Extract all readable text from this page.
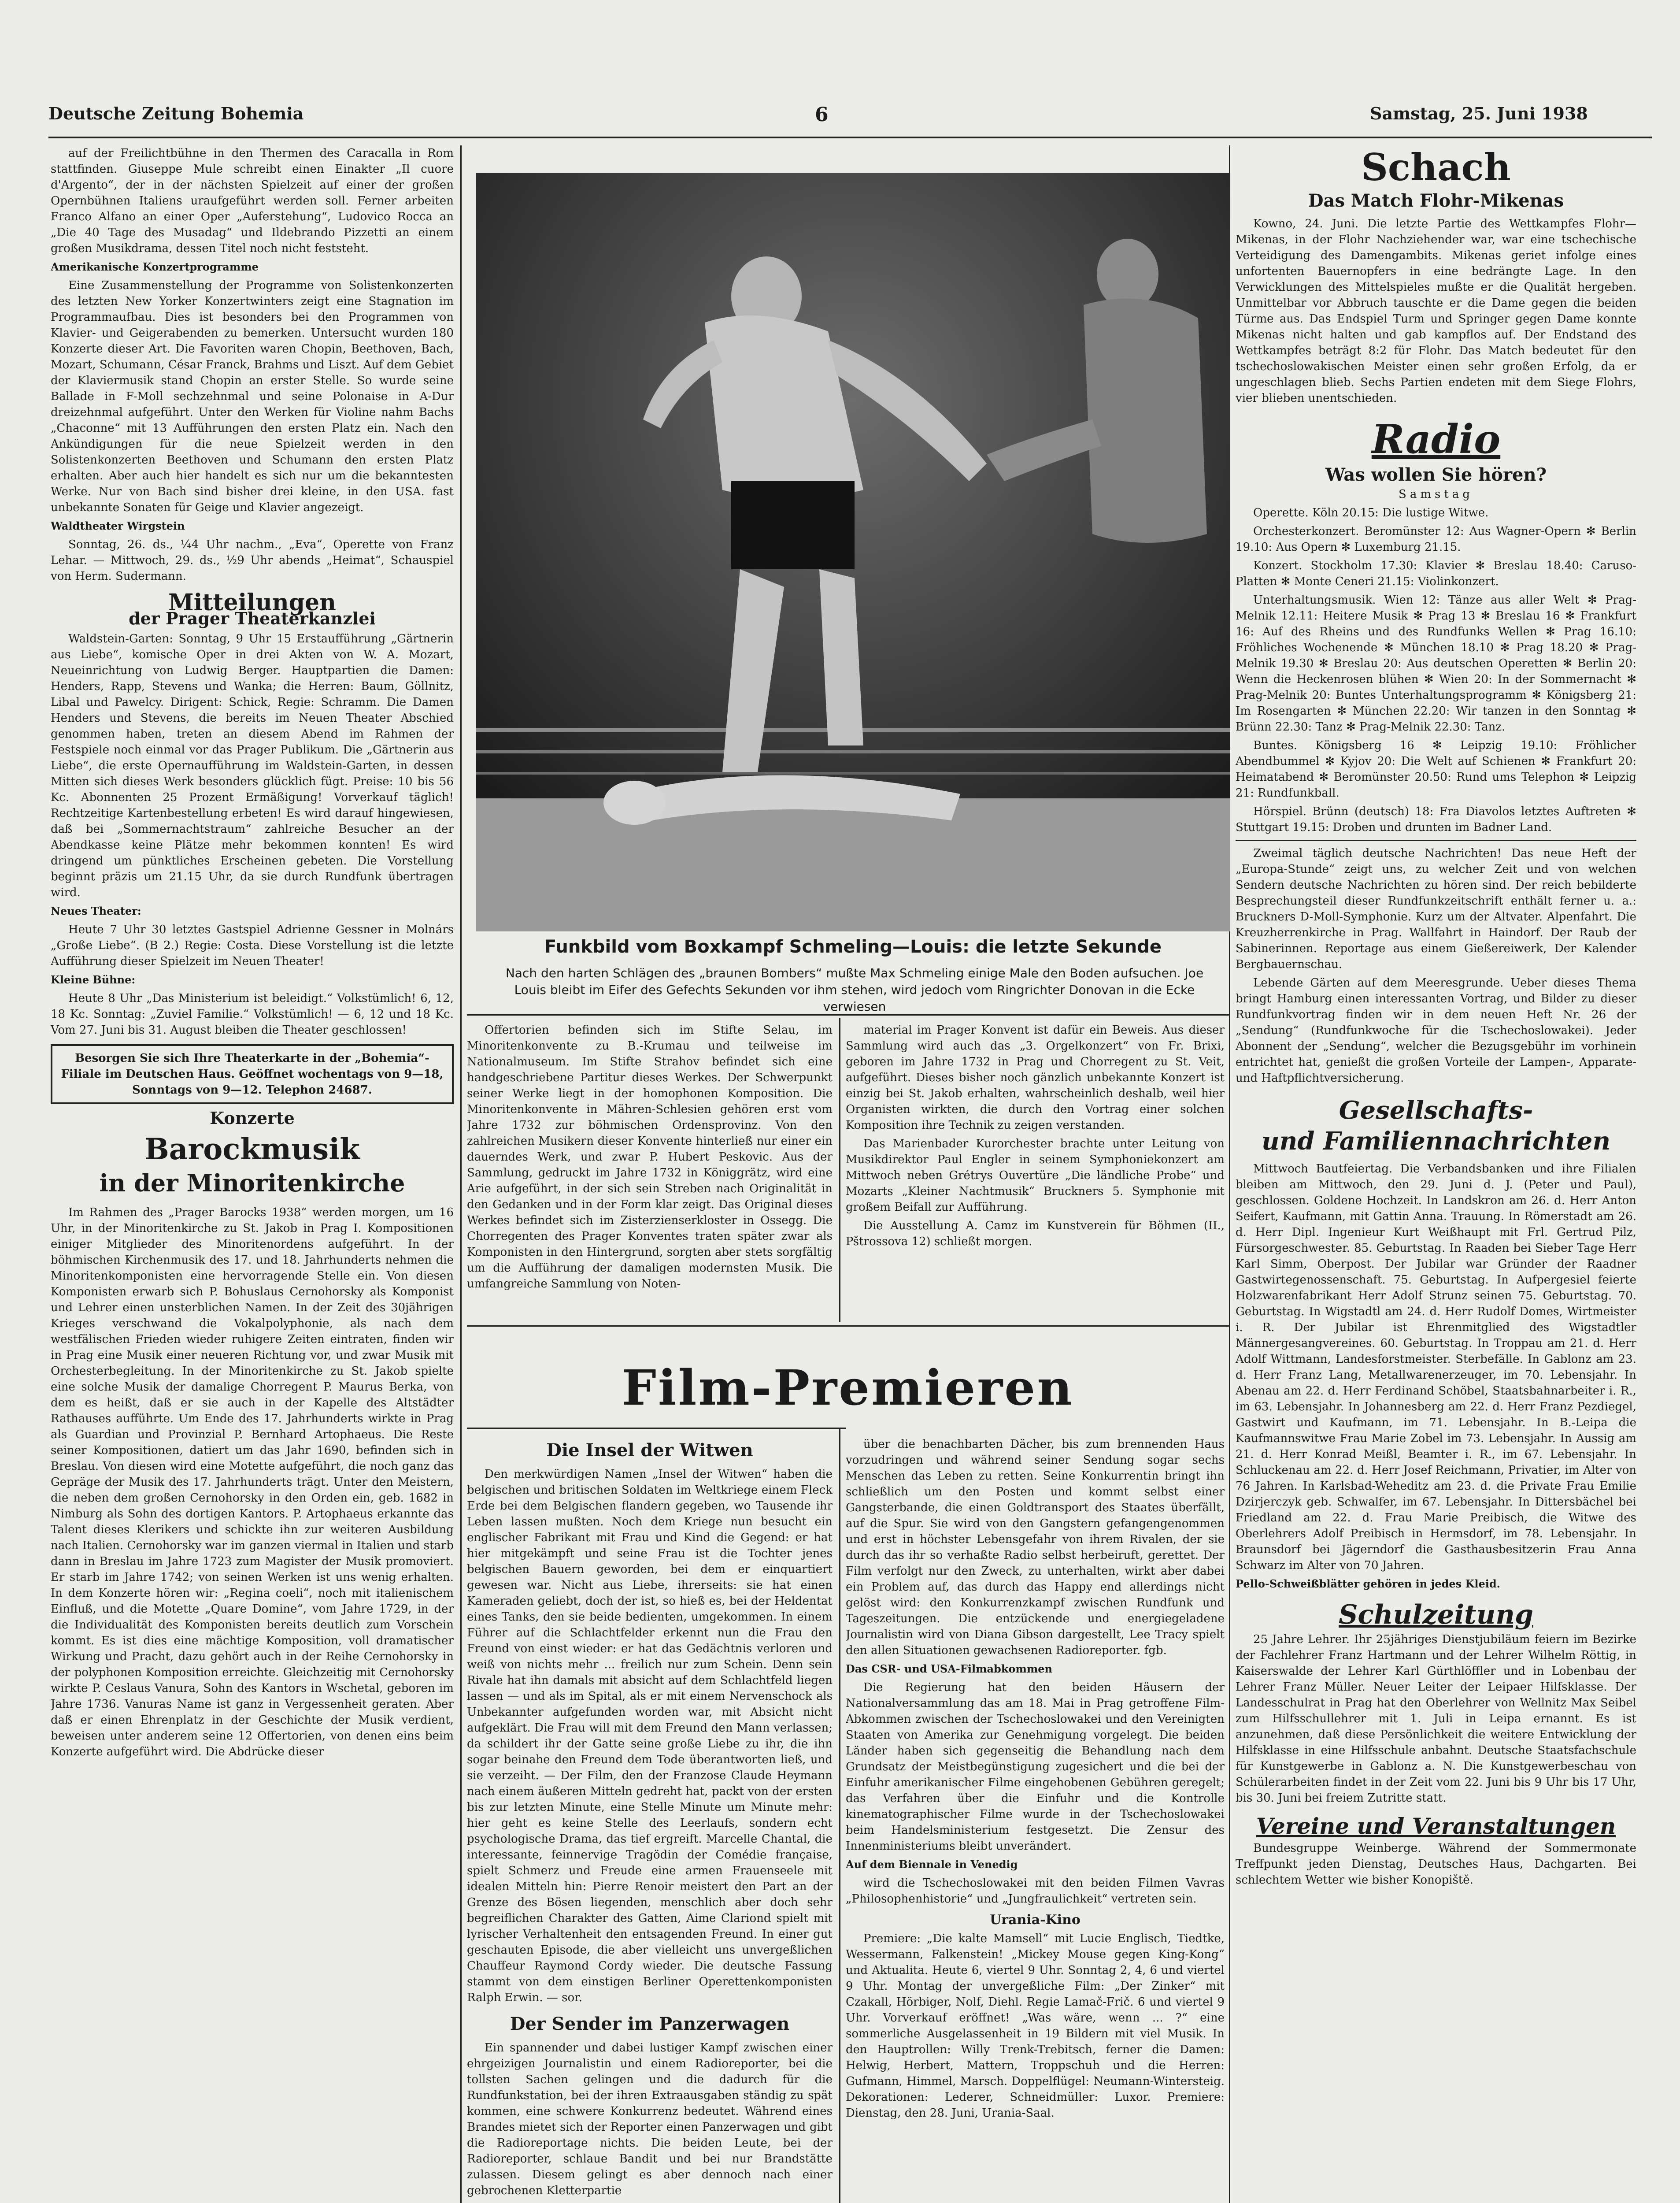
Deutsche Zeitung Bohemia	6	Samstag, 25. Juni 1938

auf der Freilichtbühne in den Thermen des Caracalla in Rom stattfinden. Giuseppe Mule schreibt einen Einakter „Il cuore d'Argento“, der in der nächsten Spielzeit auf einer der großen Opernbühnen Italiens uraufgeführt werden soll. Ferner arbeiten Franco Alfano an einer Oper „Auferstehung“, Ludovico Rocca an „Die 40 Tage des Musadag“ und Ildebrando Pizzetti an einem großen Musikdrama, dessen Titel noch nicht feststeht.

Amerikanische Konzertprogramme

Eine Zusammenstellung der Programme von Solistenkonzerten des letzten New Yorker Konzertwinters zeigt eine Stagnation im Programmaufbau. Dies ist besonders bei den Programmen von Klavier- und Geigerabenden zu bemerken. Untersucht wurden 180 Konzerte dieser Art. Die Favoriten waren Chopin, Beethoven, Bach, Mozart, Schumann, César Franck, Brahms und Liszt. Auf dem Gebiet der Klaviermusik stand Chopin an erster Stelle. So wurde seine Ballade in F-Moll sechzehnmal und seine Polonaise in A-Dur dreizehnmal aufgeführt. Unter den Werken für Violine nahm Bachs „Chaconne“ mit 13 Aufführungen den ersten Platz ein. Nach den Ankündigungen für die neue Spielzeit werden in den Solistenkonzerten Beethoven und Schumann den ersten Platz erhalten. Aber auch hier handelt es sich nur um die bekanntesten Werke. Nur von Bach sind bisher drei kleine, in den USA. fast unbekannte Sonaten für Geige und Klavier angezeigt.

Waldtheater Wirgstein

Sonntag, 26. ds., ¼4 Uhr nachm., „Eva“, Operette von Franz Lehar. — Mittwoch, 29. ds., ½9 Uhr abends „Heimat“, Schauspiel von Herm. Sudermann.

Mitteilungen
der Prager Theaterkanzlei

Waldstein-Garten: Sonntag, 9 Uhr 15 Erstaufführung „Gärtnerin aus Liebe“, komische Oper in drei Akten von W. A. Mozart, Neueinrichtung von Ludwig Berger. Hauptpartien die Damen: Henders, Rapp, Stevens und Wanka; die Herren: Baum, Göllnitz, Libal und Pawelcy. Dirigent: Schick, Regie: Schramm. Die Damen Henders und Stevens, die bereits im Neuen Theater Abschied genommen haben, treten an diesem Abend im Rahmen der Festspiele noch einmal vor das Prager Publikum. Die „Gärtnerin aus Liebe“, die erste Opernaufführung im Waldstein-Garten, in dessen Mitten sich dieses Werk besonders glücklich fügt. Preise: 10 bis 56 Kc. Abonnenten 25 Prozent Ermäßigung! Vorverkauf täglich! Rechtzeitige Kartenbestellung erbeten! Es wird darauf hingewiesen, daß bei „Sommernachtstraum“ zahlreiche Besucher an der Abendkasse keine Plätze mehr bekommen konnten! Es wird dringend um pünktliches Erscheinen gebeten. Die Vorstellung beginnt präzis um 21.15 Uhr, da sie durch Rundfunk übertragen wird.

Neues Theater:

Heute 7 Uhr 30 letztes Gastspiel Adrienne Gessner in Molnárs „Große Liebe“. (B 2.) Regie: Costa. Diese Vorstellung ist die letzte Aufführung dieser Spielzeit im Neuen Theater!

Kleine Bühne:

Heute 8 Uhr „Das Ministerium ist beleidigt.“ Volkstümlich! 6, 12, 18 Kc. Sonntag: „Zuviel Familie.“ Volkstümlich! — 6, 12 und 18 Kc. Vom 27. Juni bis 31. August bleiben die Theater geschlossen!

Besorgen Sie sich Ihre Theaterkarte in der „Bohemia“-Filiale im Deutschen Haus. Geöffnet wochentags von 9—18, Sonntags von 9—12. Telephon 24687.
Konzerte
Barockmusik
in der Minoritenkirche

Im Rahmen des „Prager Barocks 1938“ werden morgen, um 16 Uhr, in der Minoritenkirche zu St. Jakob in Prag I. Kompositionen einiger Mitglieder des Minoritenordens aufgeführt. In der böhmischen Kirchenmusik des 17. und 18. Jahrhunderts nehmen die Minoritenkomponisten eine hervorragende Stelle ein. Von diesen Komponisten erwarb sich P. Bohuslaus Cernohorsky als Komponist und Lehrer einen unsterblichen Namen. In der Zeit des 30jährigen Krieges verschwand die Vokalpolyphonie, als nach dem westfälischen Frieden wieder ruhigere Zeiten eintraten, finden wir in Prag eine Musik einer neueren Richtung vor, und zwar Musik mit Orchesterbegleitung. In der Minoritenkirche zu St. Jakob spielte eine solche Musik der damalige Chorregent P. Maurus Berka, von dem es heißt, daß er sie auch in der Kapelle des Altstädter Rathauses aufführte. Um Ende des 17. Jahrhunderts wirkte in Prag als Guardian und Provinzial P. Bernhard Artophaeus. Die Reste seiner Kompositionen, datiert um das Jahr 1690, befinden sich in Breslau. Von diesen wird eine Motette aufgeführt, die noch ganz das Gepräge der Musik des 17. Jahrhunderts trägt. Unter den Meistern, die neben dem großen Cernohorsky in den Orden ein, geb. 1682 in Nimburg als Sohn des dortigen Kantors. P. Artophaeus erkannte das Talent dieses Klerikers und schickte ihn zur weiteren Ausbildung nach Italien. Cernohorsky war im ganzen viermal in Italien und starb dann in Breslau im Jahre 1723 zum Magister der Musik promoviert. Er starb im Jahre 1742; von seinen Werken ist uns wenig erhalten. In dem Konzerte hören wir: „Regina coeli“, noch mit italienischem Einfluß, und die Motette „Quare Domine“, vom Jahre 1729, in der die Individualität des Komponisten bereits deutlich zum Vorschein kommt. Es ist dies eine mächtige Komposition, voll dramatischer Wirkung und Pracht, dazu gehört auch in der Reihe Cernohorsky in der polyphonen Komposition erreichte. Gleichzeitig mit Cernohorsky wirkte P. Ceslaus Vanura, Sohn des Kantors in Wschetal, geboren im Jahre 1736. Vanuras Name ist ganz in Vergessenheit geraten. Aber daß er einen Ehrenplatz in der Geschichte der Musik verdient, beweisen unter anderem seine 12 Offertorien, von denen eins beim Konzerte aufgeführt wird. Die Abdrücke dieser

Funkbild vom Boxkampf Schmeling—Louis: die letzte Sekunde
Nach den harten Schlägen des „braunen Bombers“ mußte Max Schmeling einige Male den Boden aufsuchen. Joe Louis bleibt im Eifer des Gefechts Sekunden vor ihm stehen, wird jedoch vom Ringrichter Donovan in die Ecke verwiesen

Offertorien befinden sich im Stifte Selau, im Minoritenkonvente zu B.-Krumau und teilweise im Nationalmuseum. Im Stifte Strahov befindet sich eine handgeschriebene Partitur dieses Werkes. Der Schwerpunkt seiner Werke liegt in der homophonen Komposition. Die Minoritenkonvente in Mähren-Schlesien gehören erst vom Jahre 1732 zur böhmischen Ordensprovinz. Von den zahlreichen Musikern dieser Konvente hinterließ nur einer ein dauerndes Werk, und zwar P. Hubert Peskovic. Aus der Sammlung, gedruckt im Jahre 1732 in Königgrätz, wird eine Arie aufgeführt, in der sich sein Streben nach Originalität in den Gedanken und in der Form klar zeigt. Das Original dieses Werkes befindet sich im Zisterzienserkloster in Ossegg. Die Chorregenten des Prager Konventes traten später zwar als Komponisten in den Hintergrund, sorgten aber stets sorgfältig um die Aufführung der damaligen modernsten Musik. Die umfangreiche Sammlung von Noten-

material im Prager Konvent ist dafür ein Beweis. Aus dieser Sammlung wird auch das „3. Orgelkonzert“ von Fr. Brixi, geboren im Jahre 1732 in Prag und Chorregent zu St. Veit, aufgeführt. Dieses bisher noch gänzlich unbekannte Konzert ist einzig bei St. Jakob erhalten, wahrscheinlich deshalb, weil hier Organisten wirkten, die durch den Vortrag einer solchen Komposition ihre Technik zu zeigen verstanden.

Das Marienbader Kurorchester brachte unter Leitung von Musikdirektor Paul Engler in seinem Symphoniekonzert am Mittwoch neben Grétrys Ouvertüre „Die ländliche Probe“ und Mozarts „Kleiner Nachtmusik“ Bruckners 5. Symphonie mit großem Beifall zur Aufführung.

Die Ausstellung A. Camz im Kunstverein für Böhmen (II., Pštrossova 12) schließt morgen.

Film-Premieren
Die Insel der Witwen

Den merkwürdigen Namen „Insel der Witwen“ haben die belgischen und britischen Soldaten im Weltkriege einem Fleck Erde bei dem Belgischen flandern gegeben, wo Tausende ihr Leben lassen mußten. Noch dem Kriege nun besucht ein englischer Fabrikant mit Frau und Kind die Gegend: er hat hier mitgekämpft und seine Frau ist die Tochter jenes belgischen Bauern geworden, bei dem er einquartiert gewesen war. Nicht aus Liebe, ihrerseits: sie hat einen Kameraden geliebt, doch der ist, so hieß es, bei der Heldentat eines Tanks, den sie beide bedienten, umgekommen. In einem Führer auf die Schlachtfelder erkennt nun die Frau den Freund von einst wieder: er hat das Gedächtnis verloren und weiß von nichts mehr ... freilich nur zum Schein. Denn sein Rivale hat ihn damals mit absicht auf dem Schlachtfeld liegen lassen — und als im Spital, als er mit einem Nervenschock als Unbekannter aufgefunden worden war, mit Absicht nicht aufgeklärt. Die Frau will mit dem Freund den Mann verlassen; da schildert ihr der Gatte seine große Liebe zu ihr, die ihn sogar beinahe den Freund dem Tode überantworten ließ, und sie verzeiht. — Der Film, den der Franzose Claude Heymann nach einem äußeren Mitteln gedreht hat, packt von der ersten bis zur letzten Minute, eine Stelle Minute um Minute mehr: hier geht es keine Stelle des Leerlaufs, sondern echt psychologische Drama, das tief ergreift. Marcelle Chantal, die interessante, feinnervige Tragödin der Comédie française, spielt Schmerz und Freude eine armen Frauenseele mit idealen Mitteln hin: Pierre Renoir meistert den Part an der Grenze des Bösen liegenden, menschlich aber doch sehr begreiflichen Charakter des Gatten, Aime Clariond spielt mit lyrischer Verhaltenheit den entsagenden Freund. In einer gut geschauten Episode, die aber vielleicht uns unvergeßlichen Chauffeur Raymond Cordy wieder. Die deutsche Fassung stammt von dem einstigen Berliner Operettenkomponisten Ralph Erwin. — sor.

Der Sender im Panzerwagen

Ein spannender und dabei lustiger Kampf zwischen einer ehrgeizigen Journalistin und einem Radioreporter, bei die tollsten Sachen gelingen und die dadurch für die Rundfunkstation, bei der ihren Extraausgaben ständig zu spät kommen, eine schwere Konkurrenz bedeutet. Während eines Brandes mietet sich der Reporter einen Panzerwagen und gibt die Radioreportage nichts. Die beiden Leute, bei der Radioreporter, schlaue Bandit und bei nur Brandstätte zulassen. Diesem gelingt es aber dennoch nach einer gebrochenen Kletterpartie

über die benachbarten Dächer, bis zum brennenden Haus vorzudringen und während seiner Sendung sogar sechs Menschen das Leben zu retten. Seine Konkurrentin bringt ihn schließlich um den Posten und kommt selbst einer Gangsterbande, die einen Goldtransport des Staates überfällt, auf die Spur. Sie wird von den Gangstern gefangengenommen und erst in höchster Lebensgefahr von ihrem Rivalen, der sie durch das ihr so verhaßte Radio selbst herbeiruft, gerettet. Der Film verfolgt nur den Zweck, zu unterhalten, wirkt aber dabei ein Problem auf, das durch das Happy end allerdings nicht gelöst wird: den Konkurrenzkampf zwischen Rundfunk und Tageszeitungen. Die entzückende und energiegeladene Journalistin wird von Diana Gibson dargestellt, Lee Tracy spielt den allen Situationen gewachsenen Radioreporter. fgb.

Das CSR- und USA-Filmabkommen

Die Regierung hat den beiden Häusern der Nationalversammlung das am 18. Mai in Prag getroffene Film-Abkommen zwischen der Tschechoslowakei und den Vereinigten Staaten von Amerika zur Genehmigung vorgelegt. Die beiden Länder haben sich gegenseitig die Behandlung nach dem Grundsatz der Meistbegünstigung zugesichert und die bei der Einfuhr amerikanischer Filme eingehobenen Gebühren geregelt; das Verfahren über die Einfuhr und die Kontrolle kinematographischer Filme wurde in der Tschechoslowakei beim Handelsministerium festgesetzt. Die Zensur des Innenministeriums bleibt unverändert.

Auf dem Biennale in Venedig

wird die Tschechoslowakei mit den beiden Filmen Vavras „Philosophenhistorie“ und „Jungfraulichkeit“ vertreten sein.

Urania-Kino

Premiere: „Die kalte Mamsell“ mit Lucie Englisch, Tiedtke, Wessermann, Falkenstein! „Mickey Mouse gegen King-Kong“ und Aktualita. Heute 6, viertel 9 Uhr. Sonntag 2, 4, 6 und viertel 9 Uhr. Montag der unvergeßliche Film: „Der Zinker“ mit Czakall, Hörbiger, Nolf, Diehl. Regie Lamač-Frič. 6 und viertel 9 Uhr. Vorverkauf eröffnet! „Was wäre, wenn ... ?“ eine sommerliche Ausgelassenheit in 19 Bildern mit viel Musik. In den Hauptrollen: Willy Trenk-Trebitsch, ferner die Damen: Helwig, Herbert, Mattern, Troppschuh und die Herren: Gufmann, Himmel, Marsch. Doppelflügel: Neumann-Wintersteig. Dekorationen: Lederer, Schneidmüller: Luxor. Premiere: Dienstag, den 28. Juni, Urania-Saal.

Schach
Das Match Flohr-Mikenas

Kowno, 24. Juni. Die letzte Partie des Wettkampfes Flohr—Mikenas, in der Flohr Nachziehender war, war eine tschechische Verteidigung des Damengambits. Mikenas geriet infolge eines unfortenten Bauernopfers in eine bedrängte Lage. In den Verwicklungen des Mittelspieles mußte er die Qualität hergeben. Unmittelbar vor Abbruch tauschte er die Dame gegen die beiden Türme aus. Das Endspiel Turm und Springer gegen Dame konnte Mikenas nicht halten und gab kampflos auf. Der Endstand des Wettkampfes beträgt 8:2 für Flohr. Das Match bedeutet für den tschechoslowakischen Meister einen sehr großen Erfolg, da er ungeschlagen blieb. Sechs Partien endeten mit dem Siege Flohrs, vier blieben unentschieden.

Radio
Was wollen Sie hören?
Samstag

Operette. Köln 20.15: Die lustige Witwe.

Orchesterkonzert. Beromünster 12: Aus Wagner-Opern ✻ Berlin 19.10: Aus Opern ✻ Luxemburg 21.15.

Konzert. Stockholm 17.30: Klavier ✻ Breslau 18.40: Caruso-Platten ✻ Monte Ceneri 21.15: Violinkonzert.

Unterhaltungsmusik. Wien 12: Tänze aus aller Welt ✻ Prag-Melnik 12.11: Heitere Musik ✻ Prag 13 ✻ Breslau 16 ✻ Frankfurt 16: Auf des Rheins und des Rundfunks Wellen ✻ Prag 16.10: Fröhliches Wochenende ✻ München 18.10 ✻ Prag 18.20 ✻ Prag-Melnik 19.30 ✻ Breslau 20: Aus deutschen Operetten ✻ Berlin 20: Wenn die Heckenrosen blühen ✻ Wien 20: In der Sommernacht ✻ Prag-Melnik 20: Buntes Unterhaltungsprogramm ✻ Königsberg 21: Im Rosengarten ✻ München 22.20: Wir tanzen in den Sonntag ✻ Brünn 22.30: Tanz ✻ Prag-Melnik 22.30: Tanz.

Buntes. Königsberg 16 ✻ Leipzig 19.10: Fröhlicher Abendbummel ✻ Kyjov 20: Die Welt auf Schienen ✻ Frankfurt 20: Heimatabend ✻ Beromünster 20.50: Rund ums Telephon ✻ Leipzig 21: Rundfunkball.

Hörspiel. Brünn (deutsch) 18: Fra Diavolos letztes Auftreten ✻ Stuttgart 19.15: Droben und drunten im Badner Land.

Zweimal täglich deutsche Nachrichten! Das neue Heft der „Europa-Stunde“ zeigt uns, zu welcher Zeit und von welchen Sendern deutsche Nachrichten zu hören sind. Der reich bebilderte Besprechungsteil dieser Rundfunkzeitschrift enthält ferner u. a.: Bruckners D-Moll-Symphonie. Kurz um der Altvater. Alpenfahrt. Die Kreuzherrenkirche in Prag. Wallfahrt in Haindorf. Der Raub der Sabinerinnen. Reportage aus einem Gießereiwerk, Der Kalender Bergbauernschau.

Lebende Gärten auf dem Meeresgrunde. Ueber dieses Thema bringt Hamburg einen interessanten Vortrag, und Bilder zu dieser Rundfunkvortrag finden wir in dem neuen Heft Nr. 26 der „Sendung“ (Rundfunkwoche für die Tschechoslowakei). Jeder Abonnent der „Sendung“, welcher die Bezugsgebühr im vorhinein entrichtet hat, genießt die großen Vorteile der Lampen-, Apparate- und Haftpflichtversicherung.

Gesellschafts-
und Familiennachrichten

Mittwoch Bautfeiertag. Die Verbandsbanken und ihre Filialen bleiben am Mittwoch, den 29. Juni d. J. (Peter und Paul), geschlossen. Goldene Hochzeit. In Landskron am 26. d. Herr Anton Seifert, Kaufmann, mit Gattin Anna. Trauung. In Römerstadt am 26. d. Herr Dipl. Ingenieur Kurt Weißhaupt mit Frl. Gertrud Pilz, Fürsorgeschwester. 85. Geburtstag. In Raaden bei Sieber Tage Herr Karl Simm, Oberpost. Der Jubilar war Gründer der Raadner Gastwirtegenossenschaft. 75. Geburtstag. In Aufpergesiel feierte Holzwarenfabrikant Herr Adolf Strunz seinen 75. Geburtstag. 70. Geburtstag. In Wigstadtl am 24. d. Herr Rudolf Domes, Wirtmeister i. R. Der Jubilar ist Ehrenmitglied des Wigstadtler Männergesangvereines. 60. Geburtstag. In Troppau am 21. d. Herr Adolf Wittmann, Landesforstmeister. Sterbefälle. In Gablonz am 23. d. Herr Franz Lang, Metallwarenerzeuger, im 70. Lebensjahr. In Abenau am 22. d. Herr Ferdinand Schöbel, Staatsbahnarbeiter i. R., im 63. Lebensjahr. In Johannesberg am 22. d. Herr Franz Pezdiegel, Gastwirt und Kaufmann, im 71. Lebensjahr. In B.-Leipa die Kaufmannswitwe Frau Marie Zobel im 73. Lebensjahr. In Aussig am 21. d. Herr Konrad Meißl, Beamter i. R., im 67. Lebensjahr. In Schluckenau am 22. d. Herr Josef Reichmann, Privatier, im Alter von 76 Jahren. In Karlsbad-Weheditz am 23. d. die Private Frau Emilie Dzirjerczyk geb. Schwalfer, im 67. Lebensjahr. In Dittersbächel bei Friedland am 22. d. Frau Marie Preibisch, die Witwe des Oberlehrers Adolf Preibisch in Hermsdorf, im 78. Lebensjahr. In Braunsdorf bei Jägerndorf die Gasthausbesitzerin Frau Anna Schwarz im Alter von 70 Jahren.

Pello-Schweißblätter gehören in jedes Kleid.

Schulzeitung

25 Jahre Lehrer. Ihr 25jähriges Dienstjubiläum feiern im Bezirke der Fachlehrer Franz Hartmann und der Lehrer Wilhelm Röttig, in Kaiserswalde der Lehrer Karl Gürthlöffler und in Lobenbau der Lehrer Franz Müller. Neuer Leiter der Leipaer Hilfsklasse. Der Landesschulrat in Prag hat den Oberlehrer von Wellnitz Max Seibel zum Hilfsschullehrer mit 1. Juli in Leipa ernannt. Es ist anzunehmen, daß diese Persönlichkeit die weitere Entwicklung der Hilfsklasse in eine Hilfsschule anbahnt. Deutsche Staatsfachschule für Kunstgewerbe in Gablonz a. N. Die Kunstgewerbeschau von Schülerarbeiten findet in der Zeit vom 22. Juni bis 9 Uhr bis 17 Uhr, bis 30. Juni bei freiem Zutritte statt.

Vereine und Veranstaltungen

Bundesgruppe Weinberge. Während der Sommermonate Treffpunkt jeden Dienstag, Deutsches Haus, Dachgarten. Bei schlechtem Wetter wie bisher Konopiště.
